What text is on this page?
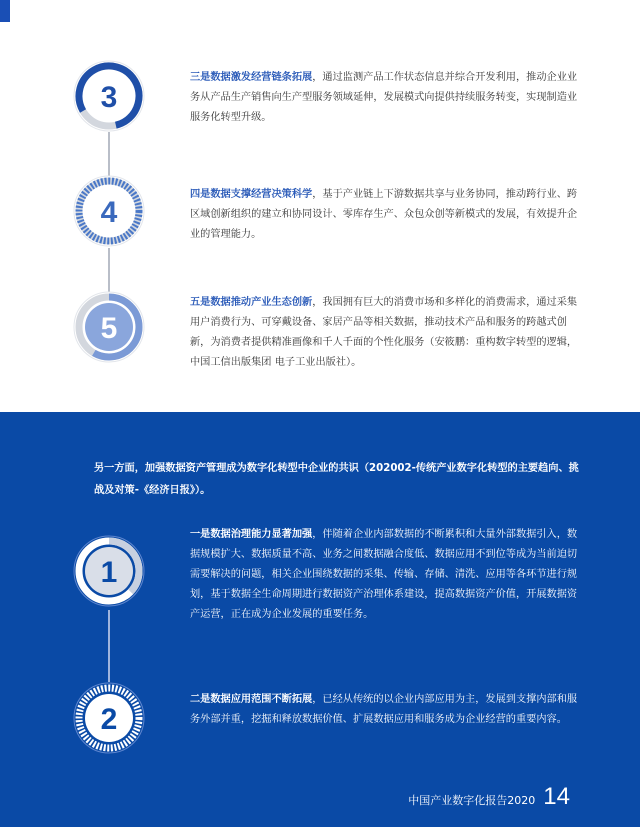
3
三是数据激发经营链条拓展，通过监测产品工作状态信息并综合开发利用，推动企业业务从产品生产销售向生产型服务领域延伸，发展模式向提供持续服务转变，实现制造业服务化转型升级。
4
四是数据支撑经营决策科学，基于产业链上下游数据共享与业务协同，推动跨行业、跨区域创新组织的建立和协同设计、零库存生产、众包众创等新模式的发展，有效提升企业的管理能力。
5
五是数据推动产业生态创新，我国拥有巨大的消费市场和多样化的消费需求，通过采集用户消费行为、可穿戴设备、家居产品等相关数据，推动技术产品和服务的跨越式创新，为消费者提供精准画像和千人千面的个性化服务（安筱鹏：重构数字转型的逻辑，中国工信出版集团 电子工业出版社）。
另一方面，加强数据资产管理成为数字化转型中企业的共识（202002-传统产业数字化转型的主要趋向、挑战及对策-《经济日报》）。
1
一是数据治理能力显著加强，伴随着企业内部数据的不断累积和大量外部数据引入，数据规模扩大、数据质量不高、业务之间数据融合度低、数据应用不到位等成为当前迫切需要解决的问题，相关企业围绕数据的采集、传输、存储、清洗、应用等各环节进行规划，基于数据全生命周期进行数据资产治理体系建设，提高数据资产价值，开展数据资产运营，正在成为企业发展的重要任务。
2
二是数据应用范围不断拓展，已经从传统的以企业内部应用为主，发展到支撑内部和服务外部并重，挖掘和释放数据价值、扩展数据应用和服务成为企业经营的重要内容。
中国产业数字化报告2020 14
